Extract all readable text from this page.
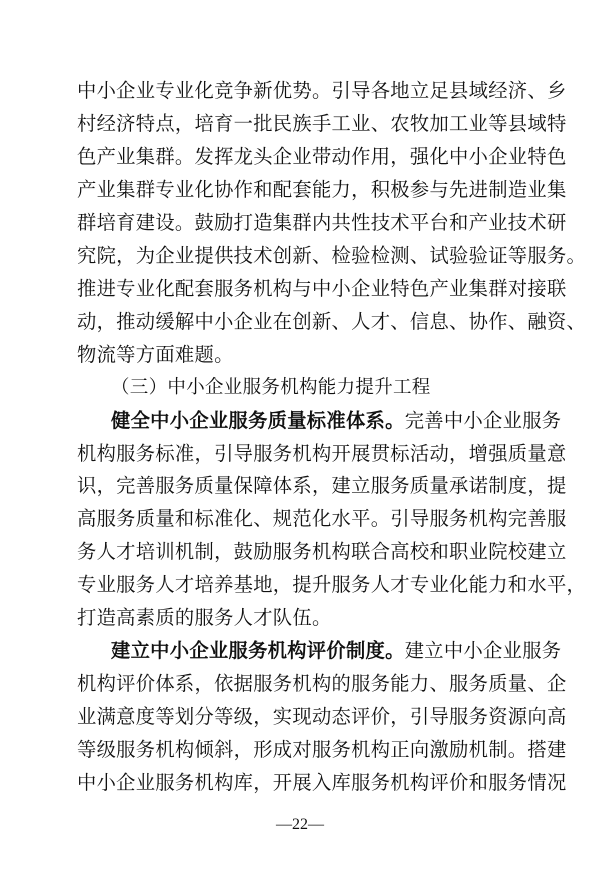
中小企业专业化竞争新优势。引导各地立足县域经济、乡
村经济特点，培育一批民族手工业、农牧加工业等县域特
色产业集群。发挥龙头企业带动作用，强化中小企业特色
产业集群专业化协作和配套能力，积极参与先进制造业集
群培育建设。鼓励打造集群内共性技术平台和产业技术研
究院，为企业提供技术创新、检验检测、试验验证等服务。
推进专业化配套服务机构与中小企业特色产业集群对接联
动，推动缓解中小企业在创新、人才、信息、协作、融资、
物流等方面难题。
（三）中小企业服务机构能力提升工程
健全中小企业服务质量标准体系。完善中小企业服务
机构服务标准，引导服务机构开展贯标活动，增强质量意
识，完善服务质量保障体系，建立服务质量承诺制度，提
高服务质量和标准化、规范化水平。引导服务机构完善服
务人才培训机制，鼓励服务机构联合高校和职业院校建立
专业服务人才培养基地，提升服务人才专业化能力和水平，
打造高素质的服务人才队伍。
建立中小企业服务机构评价制度。建立中小企业服务
机构评价体系，依据服务机构的服务能力、服务质量、企
业满意度等划分等级，实现动态评价，引导服务资源向高
等级服务机构倾斜，形成对服务机构正向激励机制。搭建
中小企业服务机构库，开展入库服务机构评价和服务情况
—22—
